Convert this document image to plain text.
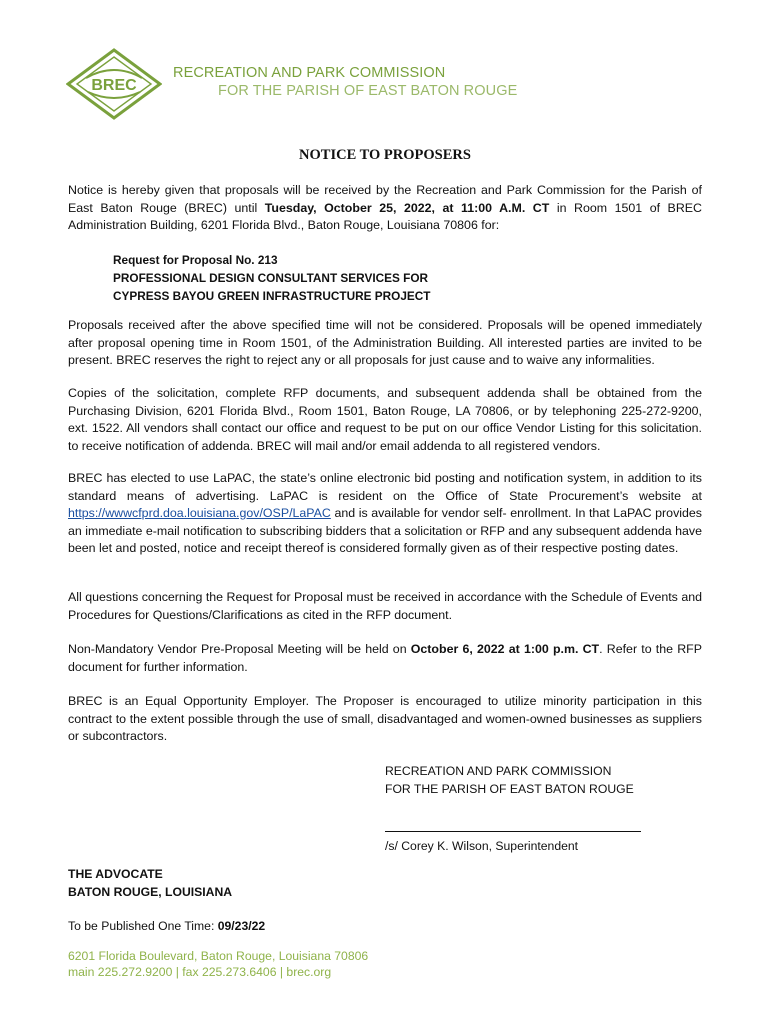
BREC
RECREATION AND PARK COMMISSION
FOR THE PARISH OF EAST BATON ROUGE
NOTICE TO PROPOSERS

Notice is hereby given that proposals will be received by the Recreation and Park Commission for the Parish of East Baton Rouge (BREC) until Tuesday, October 25, 2022, at 11:00 A.M. CT in Room 1501 of BREC Administration Building, 6201 Florida Blvd., Baton Rouge, Louisiana 70806 for:

Request for Proposal No. 213
PROFESSIONAL DESIGN CONSULTANT SERVICES FOR
CYPRESS BAYOU GREEN INFRASTRUCTURE PROJECT

Proposals received after the above specified time will not be considered. Proposals will be opened immediately after proposal opening time in Room 1501, of the Administration Building. All interested parties are invited to be present. BREC reserves the right to reject any or all proposals for just cause and to waive any informalities.

Copies of the solicitation, complete RFP documents, and subsequent addenda shall be obtained from the Purchasing Division, 6201 Florida Blvd., Room 1501, Baton Rouge, LA 70806, or by telephoning 225-272-9200, ext. 1522. All vendors shall contact our office and request to be put on our office Vendor Listing for this solicitation. to receive notification of addenda. BREC will mail and/or email addenda to all registered vendors.

BREC has elected to use LaPAC, the state’s online electronic bid posting and notification system, in addition to its standard means of advertising. LaPAC is resident on the Office of State Procurement’s website at https://wwwcfprd.doa.louisiana.gov/OSP/LaPAC and is available for vendor self- enrollment. In that LaPAC provides an immediate e-mail notification to subscribing bidders that a solicitation or RFP and any subsequent addenda have been let and posted, notice and receipt thereof is considered formally given as of their respective posting dates.

All questions concerning the Request for Proposal must be received in accordance with the Schedule of Events and Procedures for Questions/Clarifications as cited in the RFP document.

Non-Mandatory Vendor Pre-Proposal Meeting will be held on October 6, 2022 at 1:00 p.m. CT. Refer to the RFP document for further information.

BREC is an Equal Opportunity Employer. The Proposer is encouraged to utilize minority participation in this contract to the extent possible through the use of small, disadvantaged and women-owned businesses as suppliers or subcontractors.

RECREATION AND PARK COMMISSION
FOR THE PARISH OF EAST BATON ROUGE
/s/ Corey K. Wilson, Superintendent
THE ADVOCATE
BATON ROUGE, LOUISIANA
To be Published One Time: 09/23/22
6201 Florida Boulevard, Baton Rouge, Louisiana 70806
main 225.272.9200 | fax 225.273.6406 | brec.org
